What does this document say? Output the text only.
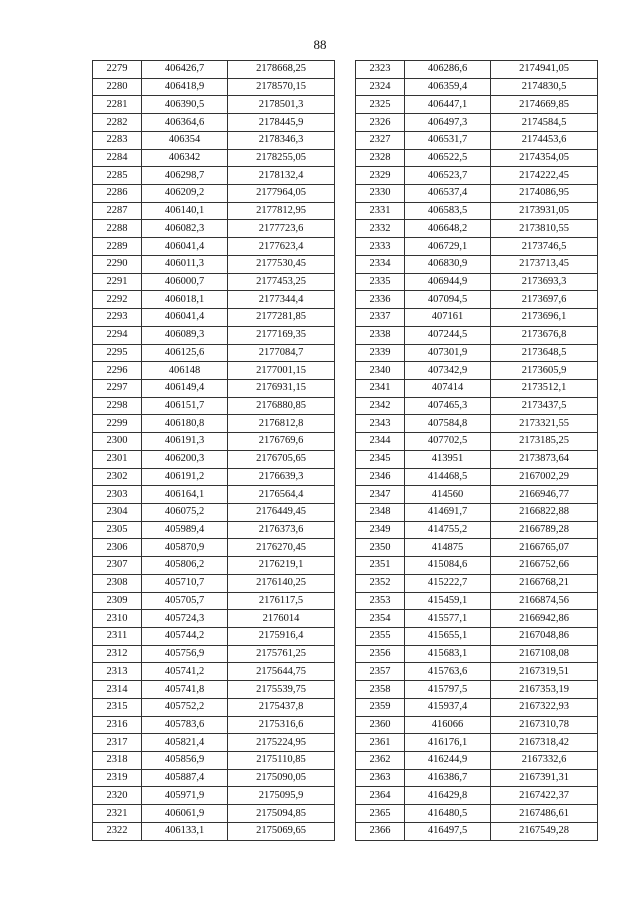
88
2279	406426,7	2178668,25
2280	406418,9	2178570,15
2281	406390,5	2178501,3
2282	406364,6	2178445,9
2283	406354	2178346,3
2284	406342	2178255,05
2285	406298,7	2178132,4
2286	406209,2	2177964,05
2287	406140,1	2177812,95
2288	406082,3	2177723,6
2289	406041,4	2177623,4
2290	406011,3	2177530,45
2291	406000,7	2177453,25
2292	406018,1	2177344,4
2293	406041,4	2177281,85
2294	406089,3	2177169,35
2295	406125,6	2177084,7
2296	406148	2177001,15
2297	406149,4	2176931,15
2298	406151,7	2176880,85
2299	406180,8	2176812,8
2300	406191,3	2176769,6
2301	406200,3	2176705,65
2302	406191,2	2176639,3
2303	406164,1	2176564,4
2304	406075,2	2176449,45
2305	405989,4	2176373,6
2306	405870,9	2176270,45
2307	405806,2	2176219,1
2308	405710,7	2176140,25
2309	405705,7	2176117,5
2310	405724,3	2176014
2311	405744,2	2175916,4
2312	405756,9	2175761,25
2313	405741,2	2175644,75
2314	405741,8	2175539,75
2315	405752,2	2175437,8
2316	405783,6	2175316,6
2317	405821,4	2175224,95
2318	405856,9	2175110,85
2319	405887,4	2175090,05
2320	405971,9	2175095,9
2321	406061,9	2175094,85
2322	406133,1	2175069,65
2323	406286,6	2174941,05
2324	406359,4	2174830,5
2325	406447,1	2174669,85
2326	406497,3	2174584,5
2327	406531,7	2174453,6
2328	406522,5	2174354,05
2329	406523,7	2174222,45
2330	406537,4	2174086,95
2331	406583,5	2173931,05
2332	406648,2	2173810,55
2333	406729,1	2173746,5
2334	406830,9	2173713,45
2335	406944,9	2173693,3
2336	407094,5	2173697,6
2337	407161	2173696,1
2338	407244,5	2173676,8
2339	407301,9	2173648,5
2340	407342,9	2173605,9
2341	407414	2173512,1
2342	407465,3	2173437,5
2343	407584,8	2173321,55
2344	407702,5	2173185,25
2345	413951	2173873,64
2346	414468,5	2167002,29
2347	414560	2166946,77
2348	414691,7	2166822,88
2349	414755,2	2166789,28
2350	414875	2166765,07
2351	415084,6	2166752,66
2352	415222,7	2166768,21
2353	415459,1	2166874,56
2354	415577,1	2166942,86
2355	415655,1	2167048,86
2356	415683,1	2167108,08
2357	415763,6	2167319,51
2358	415797,5	2167353,19
2359	415937,4	2167322,93
2360	416066	2167310,78
2361	416176,1	2167318,42
2362	416244,9	2167332,6
2363	416386,7	2167391,31
2364	416429,8	2167422,37
2365	416480,5	2167486,61
2366	416497,5	2167549,28
